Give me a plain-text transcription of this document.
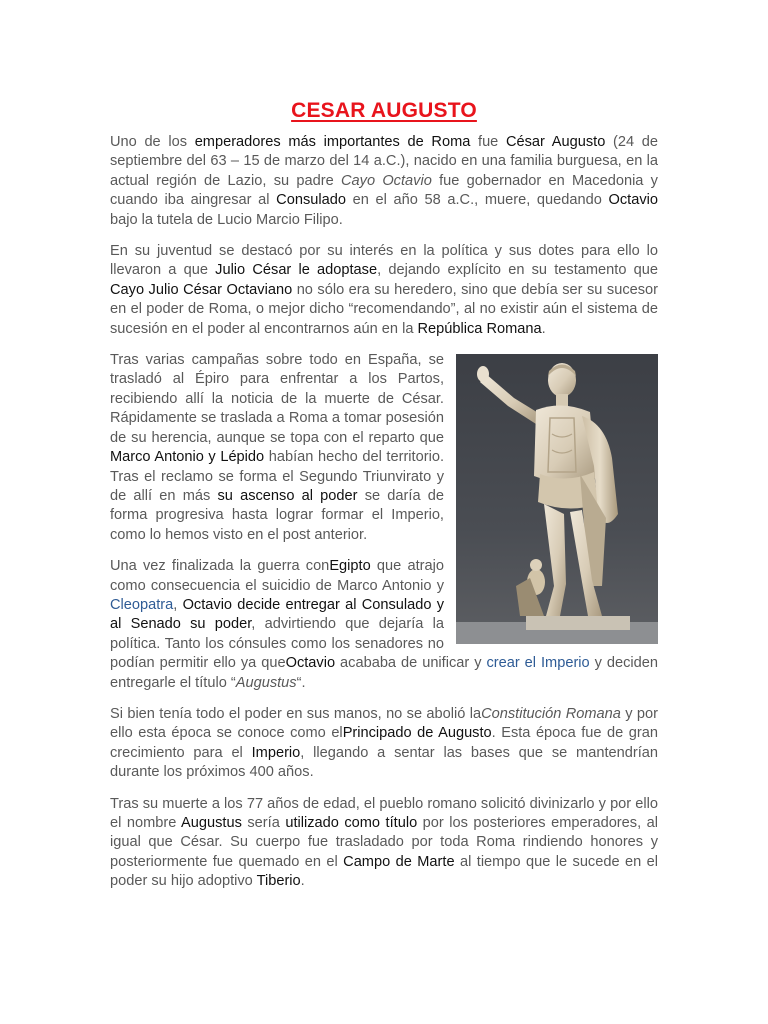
CESAR AUGUSTO

Uno de los emperadores más importantes de Roma fue César Augusto (24 de septiembre del 63 – 15 de marzo del 14 a.C.), nacido en una familia burguesa, en la actual región de Lazio, su padre Cayo Octavio fue gobernador en Macedonia y cuando iba aingresar al Consulado en el año 58 a.C., muere, quedando Octavio bajo la tutela de Lucio Marcio Filipo.

En su juventud se destacó por su interés en la política y sus dotes para ello lo llevaron a que Julio César le adoptase, dejando explícito en su testamento que Cayo Julio César Octaviano no sólo era su heredero, sino que debía ser su sucesor en el poder de Roma, o mejor dicho “recomendando”, al no existir aún el sistema de sucesión en el poder al encontrarnos aún en la República Romana.

Tras varias campañas sobre todo en España, se trasladó al Épiro para enfrentar a los Partos, recibiendo allí la noticia de la muerte de César. Rápidamente se traslada a Roma a tomar posesión de su herencia, aunque se topa con el reparto que Marco Antonio y Lépido habían hecho del territorio. Tras el reclamo se forma el Segundo Triunvirato y de allí en más su ascenso al poder se daría de forma progresiva hasta lograr formar el Imperio, como lo hemos visto en el post anterior.

Una vez finalizada la guerra conEgipto que atrajo como consecuencia el suicidio de Marco Antonio y Cleopatra, Octavio decide entregar al Consulado y al Senado su poder, advirtiendo que dejaría la política. Tanto los cónsules como los senadores no podían permitir ello ya queOctavio acababa de unificar y crear el Imperio y deciden entregarle el título “Augustus“.

Si bien tenía todo el poder en sus manos, no se abolió laConstitución Romana y por ello esta época se conoce como elPrincipado de Augusto. Esta época fue de gran crecimiento para el Imperio, llegando a sentar las bases que se mantendrían durante los próximos 400 años.

Tras su muerte a los 77 años de edad, el pueblo romano solicitó divinizarlo y por ello el nombre Augustus sería utilizado como título por los posteriores emperadores, al igual que César. Su cuerpo fue trasladado por toda Roma rindiendo honores y posteriormente fue quemado en el Campo de Marte al tiempo que le sucede en el poder su hijo adoptivo Tiberio.
